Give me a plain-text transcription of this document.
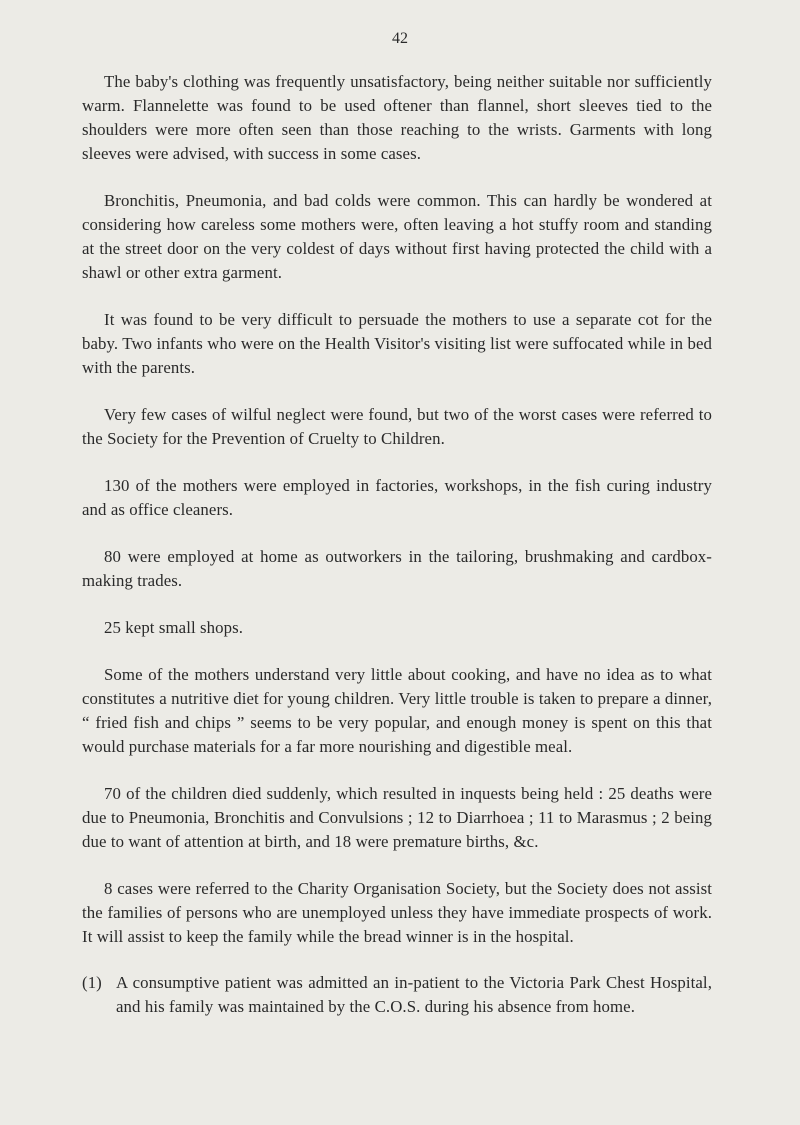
42

The baby's clothing was frequently unsatisfactory, being neither suitable nor sufficiently warm. Flannelette was found to be used oftener than flannel, short sleeves tied to the shoulders were more often seen than those reaching to the wrists. Garments with long sleeves were advised, with success in some cases.

Bronchitis, Pneumonia, and bad colds were common. This can hardly be wondered at considering how careless some mothers were, often leaving a hot stuffy room and standing at the street door on the very coldest of days without first having protected the child with a shawl or other extra garment.

It was found to be very difficult to persuade the mothers to use a separate cot for the baby. Two infants who were on the Health Visitor's visiting list were suffocated while in bed with the parents.

Very few cases of wilful neglect were found, but two of the worst cases were referred to the Society for the Prevention of Cruelty to Children.

130 of the mothers were employed in factories, workshops, in the fish curing industry and as office cleaners.

80 were employed at home as outworkers in the tailoring, brushmaking and cardbox-making trades.

25 kept small shops.

Some of the mothers understand very little about cooking, and have no idea as to what constitutes a nutritive diet for young children. Very little trouble is taken to prepare a dinner, “ fried fish and chips ” seems to be very popular, and enough money is spent on this that would purchase materials for a far more nourishing and digestible meal.

70 of the children died suddenly, which resulted in inquests being held : 25 deaths were due to Pneumonia, Bronchitis and Convulsions ; 12 to Diarrhoea ; 11 to Marasmus ; 2 being due to want of attention at birth, and 18 were premature births, &c.

8 cases were referred to the Charity Organisation Society, but the Society does not assist the families of persons who are unemployed unless they have immediate prospects of work. It will assist to keep the family while the bread winner is in the hospital.

(1) A consumptive patient was admitted an in-patient to the Victoria Park Chest Hospital, and his family was maintained by the C.O.S. during his absence from home.
